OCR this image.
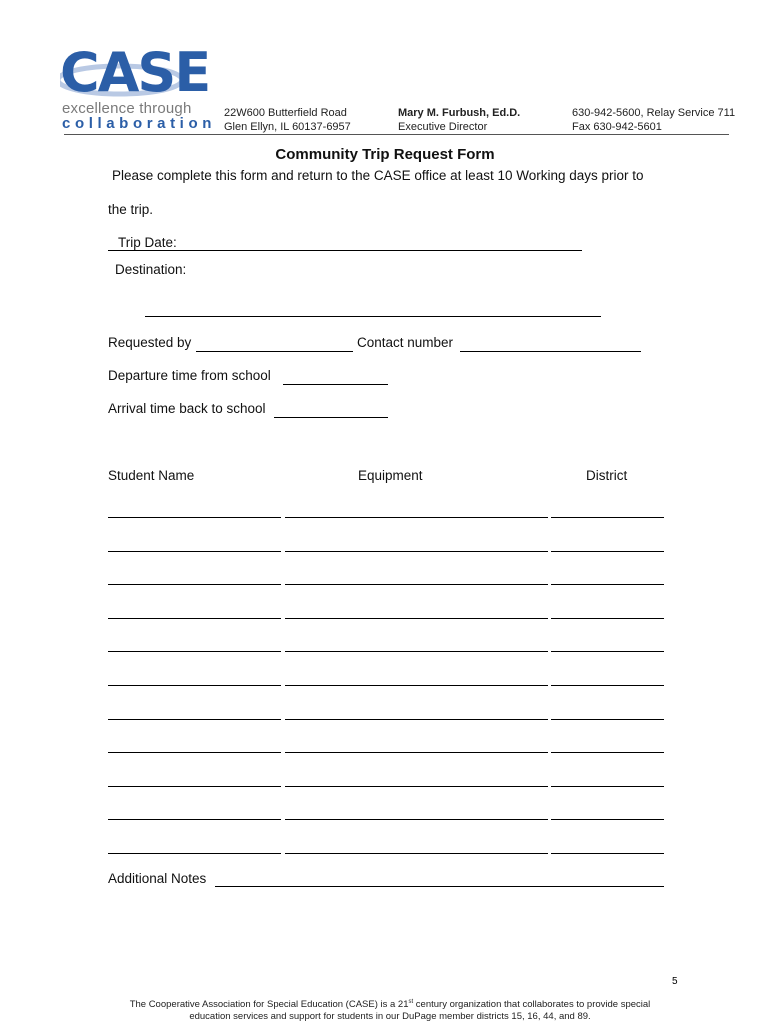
CASE
excellence through
collaboration
22W600 Butterfield Road
Glen Ellyn, IL 60137-6957
Mary M. Furbush, Ed.D.
Executive Director
630-942-5600, Relay Service 711
Fax 630-942-5601
Community Trip Request Form
Please complete this form and return to the CASE office at least 10 Working days prior to
the trip.
Trip Date:
Destination:
Requested by	Contact number
Departure time from school
Arrival time back to school
Student Name	Equipment	District
Additional Notes
5
The Cooperative Association for Special Education (CASE) is a 21st century organization that collaborates to provide special
education services and support for students in our DuPage member districts 15, 16, 44, and 89.
